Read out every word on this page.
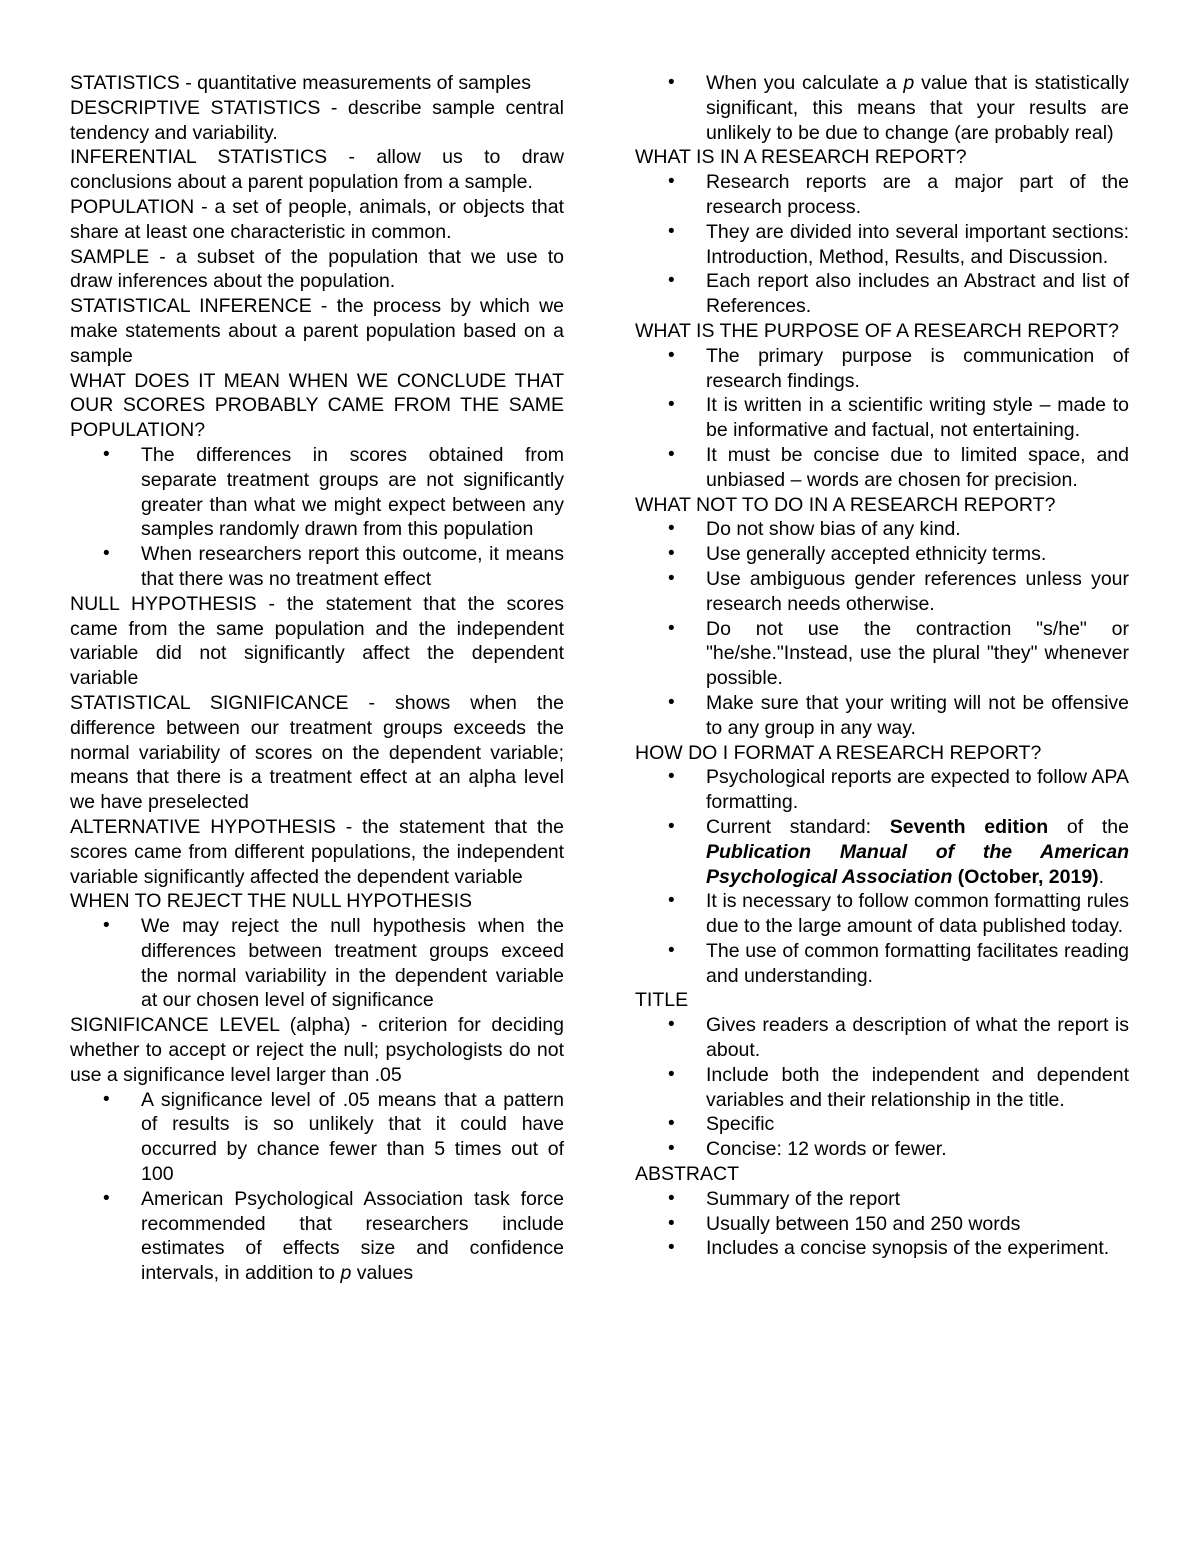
STATISTICS - quantitative measurements of samples

DESCRIPTIVE STATISTICS - describe sample central tendency and variability.

INFERENTIAL STATISTICS - allow us to draw conclusions about a parent population from a sample.

POPULATION - a set of people, animals, or objects that share at least one characteristic in common.

SAMPLE - a subset of the population that we use to draw inferences about the population.

STATISTICAL INFERENCE - the process by which we make statements about a parent population based on a sample

WHAT DOES IT MEAN WHEN WE CONCLUDE THAT OUR SCORES PROBABLY CAME FROM THE SAME POPULATION?

• The differences in scores obtained from separate treatment groups are not significantly greater than what we might expect between any samples randomly drawn from this population
• When researchers report this outcome, it means that there was no treatment effect

NULL HYPOTHESIS - the statement that the scores came from the same population and the independent variable did not significantly affect the dependent variable

STATISTICAL SIGNIFICANCE - shows when the difference between our treatment groups exceeds the normal variability of scores on the dependent variable; means that there is a treatment effect at an alpha level we have preselected

ALTERNATIVE HYPOTHESIS - the statement that the scores came from different populations, the independent variable significantly affected the dependent variable

WHEN TO REJECT THE NULL HYPOTHESIS

• We may reject the null hypothesis when the differences between treatment groups exceed the normal variability in the dependent variable at our chosen level of significance

SIGNIFICANCE LEVEL (alpha) - criterion for deciding whether to accept or reject the null; psychologists do not use a significance level larger than .05

• A significance level of .05 means that a pattern of results is so unlikely that it could have occurred by chance fewer than 5 times out of 100
• American Psychological Association task force recommended that researchers include estimates of effects size and confidence intervals, in addition to p values
• When you calculate a p value that is statistically significant, this means that your results are unlikely to be due to change (are probably real)

WHAT IS IN A RESEARCH REPORT?

• Research reports are a major part of the research process.
• They are divided into several important sections: Introduction, Method, Results, and Discussion.
• Each report also includes an Abstract and list of References.

WHAT IS THE PURPOSE OF A RESEARCH REPORT?

• The primary purpose is communication of research findings.
• It is written in a scientific writing style – made to be informative and factual, not entertaining.
• It must be concise due to limited space, and unbiased – words are chosen for precision.

WHAT NOT TO DO IN A RESEARCH REPORT?

• Do not show bias of any kind.
• Use generally accepted ethnicity terms.
• Use ambiguous gender references unless your research needs otherwise.
• Do not use the contraction "s/he" or "he/she."Instead, use the plural "they" whenever possible.
• Make sure that your writing will not be offensive to any group in any way.

HOW DO I FORMAT A RESEARCH REPORT?

• Psychological reports are expected to follow APA formatting.
• Current standard: Seventh edition of the Publication Manual of the American Psychological Association (October, 2019).
• It is necessary to follow common formatting rules due to the large amount of data published today.
• The use of common formatting facilitates reading and understanding.

TITLE

• Gives readers a description of what the report is about.
• Include both the independent and dependent variables and their relationship in the title.
• Specific
• Concise: 12 words or fewer.

ABSTRACT

• Summary of the report
• Usually between 150 and 250 words
• Includes a concise synopsis of the experiment.
